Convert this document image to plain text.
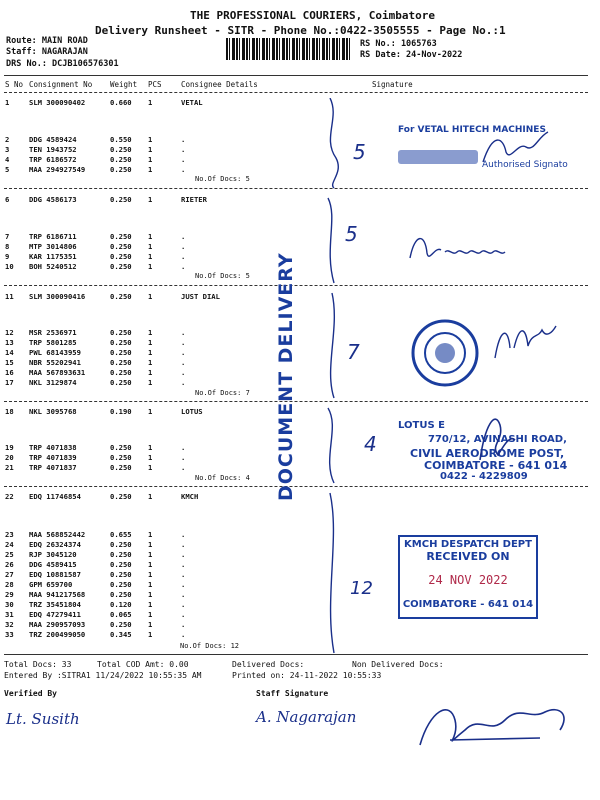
THE PROFESSIONAL COURIERS, Coimbatore
Delivery Runsheet - SITR - Phone No.:0422-3505555 - Page No.:1
Route: MAIN ROAD
Staff: NAGARAJAN
DRS No.: DCJB106576301
RS No.: 1065763
RS Date: 24-Nov-2022
S No Consignment No Weight PCS	Consignee Details	Signature
1	SLM 300090402	0.660 1	VETAL
2	DDG 4589424	0.550 1	.
3	TEN 1943752	0.250 1	.
4	TRP 6186572	0.250 1	.
5	MAA 294927549	0.250 1	.
No.Of Docs: 5
6	DDG 4586173	0.250 1	RIETER
7	TRP 6186711	0.250 1	.
8	MTP 3014806	0.250 1	.
9	KAR 1175351	0.250 1	.
10 BOH 5240512	0.250 1	.
No.Of Docs: 5
11 SLM 300090416	0.250 1	JUST DIAL
12 MSR 2536971	0.250 1	.
13 TRP 5801285	0.250 1	.
14 PWL 68143959	0.250 1	.
15 NBR 55202941	0.250 1	.
16 MAA 567893631	0.250 1	.
17 NKL 3129874	0.250 1	.
No.Of Docs: 7
18 NKL 3095768	0.190 1	LOTUS
19 TRP 4071838	0.250 1	.
20 TRP 4071839	0.250 1	.
21 TRP 4071837	0.250 1	.
No.Of Docs: 4
22 EDQ 11746854	0.250 1	KMCH
23 MAA 568852442	0.655 1	.
24 EDQ 26324374	0.250 1	.
25 RJP 3045120	0.250 1	.
26 DDG 4589415	0.250 1	.
27 EDQ 10881587	0.250 1	.
28 GPM 659700	0.250 1	.
29 MAA 941217568	0.250 1	.
30 TRZ 35451804	0.120 1	.
31 EDQ 47279411	0.065 1	.
32 MAA 290957093	0.250 1	.
33 TRZ 200499050	0.345 1	.
No.Of Docs: 12
Total Docs: 33	Total COD Amt: 0.00	Delivered Docs:	Non Delivered Docs:
Entered By :SITRA1 11/24/2022 10:55:35 AM	Printed on: 24-11-2022 10:55:33
Verified By	Staff Signature
Lt. Susith	A. Nagarajan
DOCUMENT DELIVERY
5
5
7
4
12
For VETAL HITECH MACHINES
Authorised Signato
LOTUS E
770/12, AVINASHI ROAD,
CIVIL AERODROME POST,
COIMBATORE - 641 014
0422 - 4229809
KMCH DESPATCH DEPT
RECEIVED ON
24 NOV 2022
COIMBATORE - 641 014
